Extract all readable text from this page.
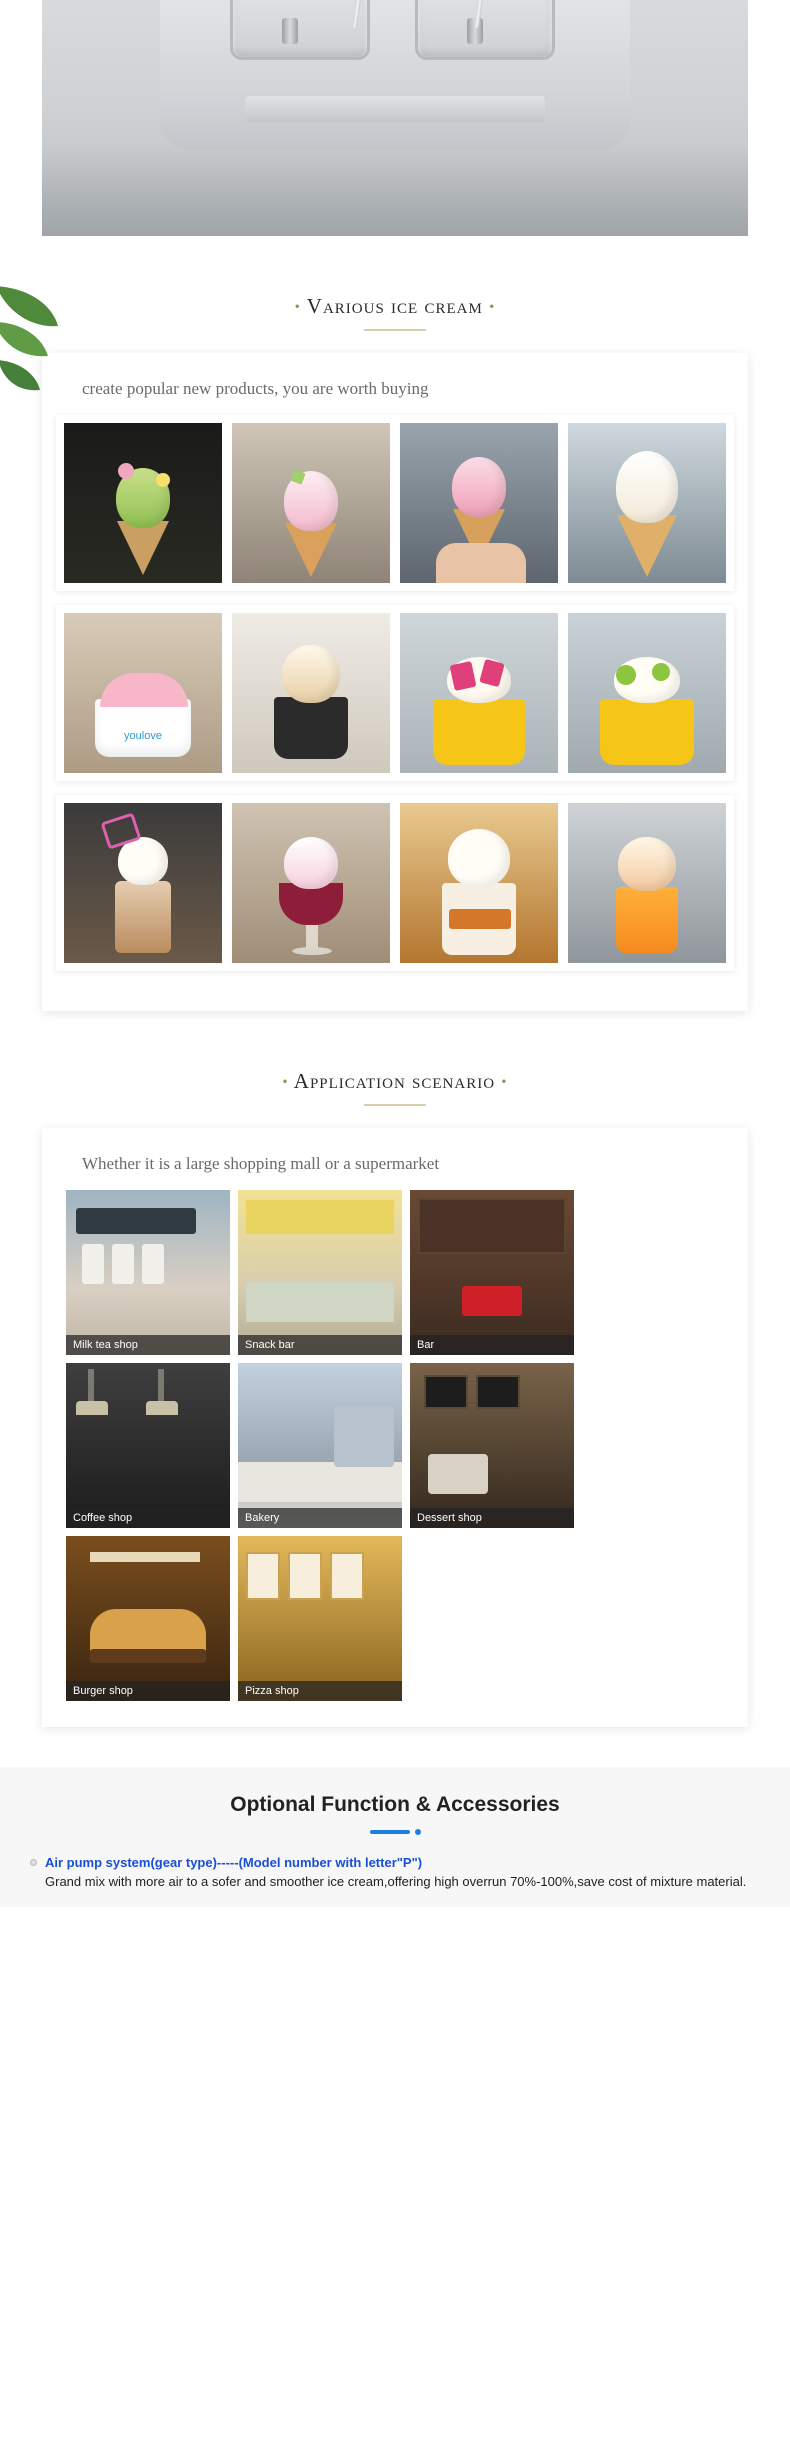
• Various ice cream •
create popular new products, you are worth buying
youlove
• Application scenario •
Whether it is a large shopping mall or a supermarket
Milk tea shop	Snack bar	Bar
Coffee shop	Bakery	Dessert shop
Burger shop	Pizza shop
Optional Function & Accessories
Air pump system(gear type)-----(Model number with letter"P")
Grand mix with more air to a sofer and smoother ice cream,offering high overrun 70%-100%,save cost of mixture material.
